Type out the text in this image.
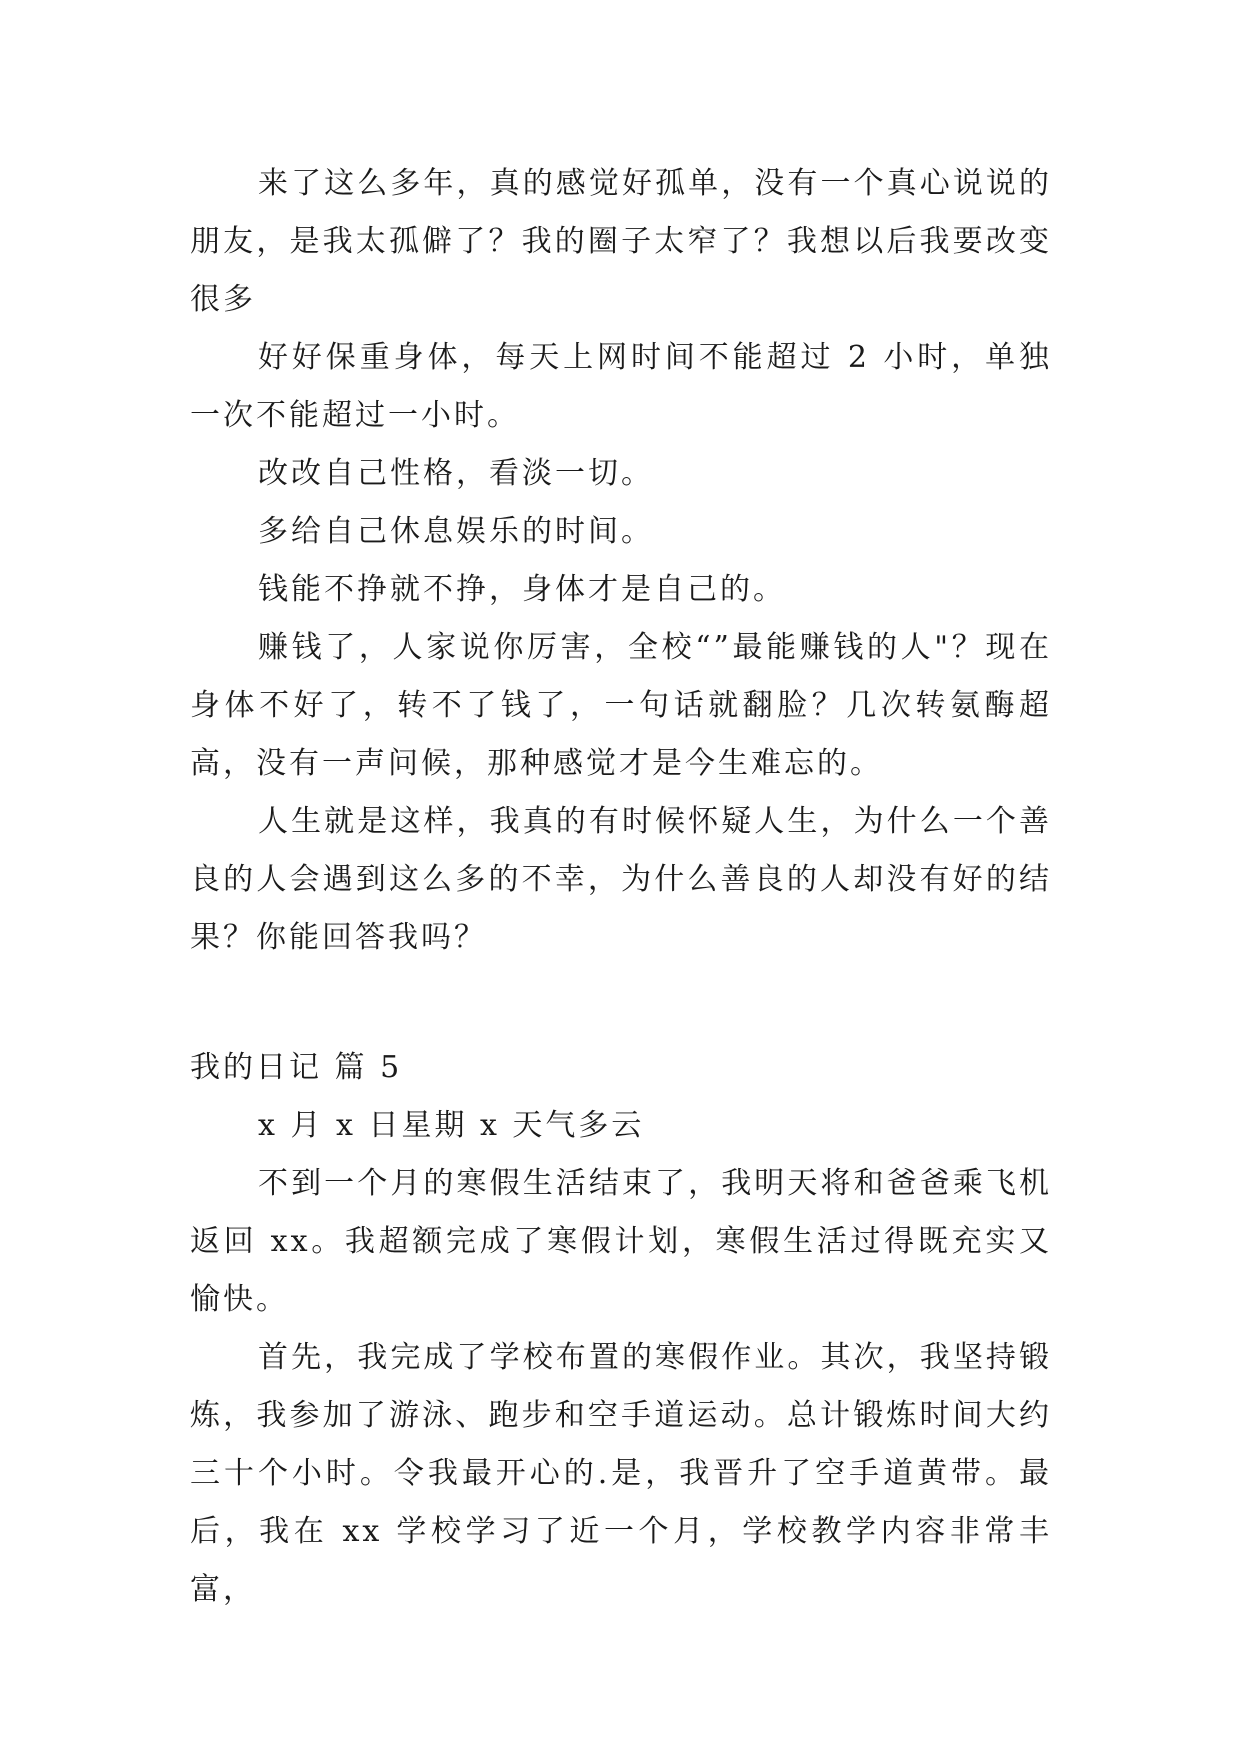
来了这么多年，真的感觉好孤单，没有一个真心说说的朋友，是我太孤僻了？我的圈子太窄了？我想以后我要改变很多

好好保重身体，每天上网时间不能超过 2 小时，单独一次不能超过一小时。

改改自己性格，看淡一切。

多给自己休息娱乐的时间。

钱能不挣就不挣，身体才是自己的。

赚钱了，人家说你厉害，全校“”最能赚钱的人"？现在身体不好了，转不了钱了，一句话就翻脸？几次转氨酶超高，没有一声问候，那种感觉才是今生难忘的。

人生就是这样，我真的有时候怀疑人生，为什么一个善良的人会遇到这么多的不幸，为什么善良的人却没有好的结果？你能回答我吗？

我的日记 篇 5

x 月 x 日星期 x 天气多云

不到一个月的寒假生活结束了，我明天将和爸爸乘飞机返回 xx。我超额完成了寒假计划，寒假生活过得既充实又愉快。

首先，我完成了学校布置的寒假作业。其次，我坚持锻炼，我参加了游泳、跑步和空手道运动。总计锻炼时间大约三十个小时。令我最开心的.是，我晋升了空手道黄带。最后，我在 xx 学校学习了近一个月，学校教学内容非常丰富，
